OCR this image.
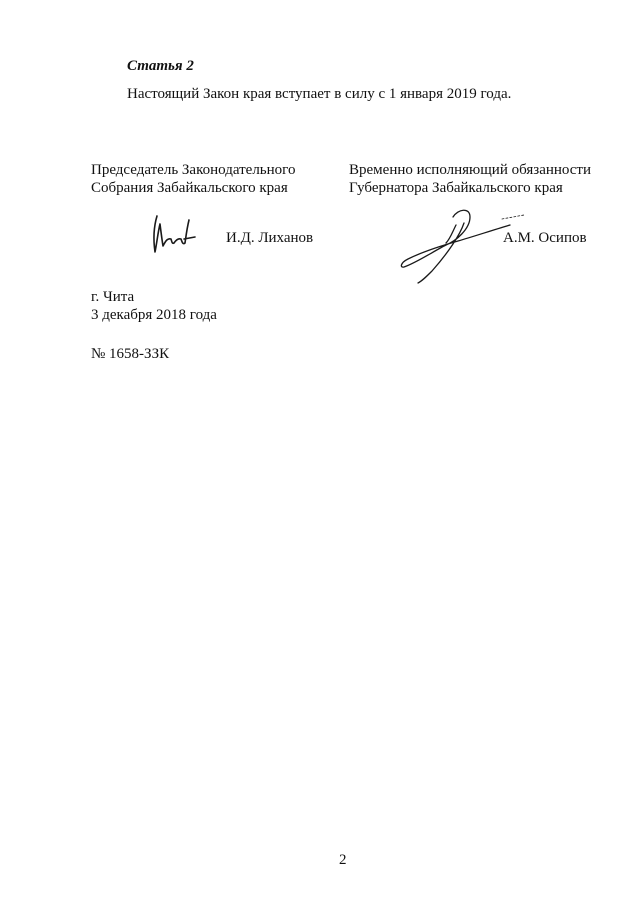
Статья 2
Настоящий Закон края вступает в силу с 1 января 2019 года.
Председатель Законодательного
Собрания Забайкальского края
Временно исполняющий обязанности
Губернатора Забайкальского края
И.Д. Лиханов	А.М. Осипов
г. Чита
3 декабря 2018 года
№ 1658-ЗЗК
2
